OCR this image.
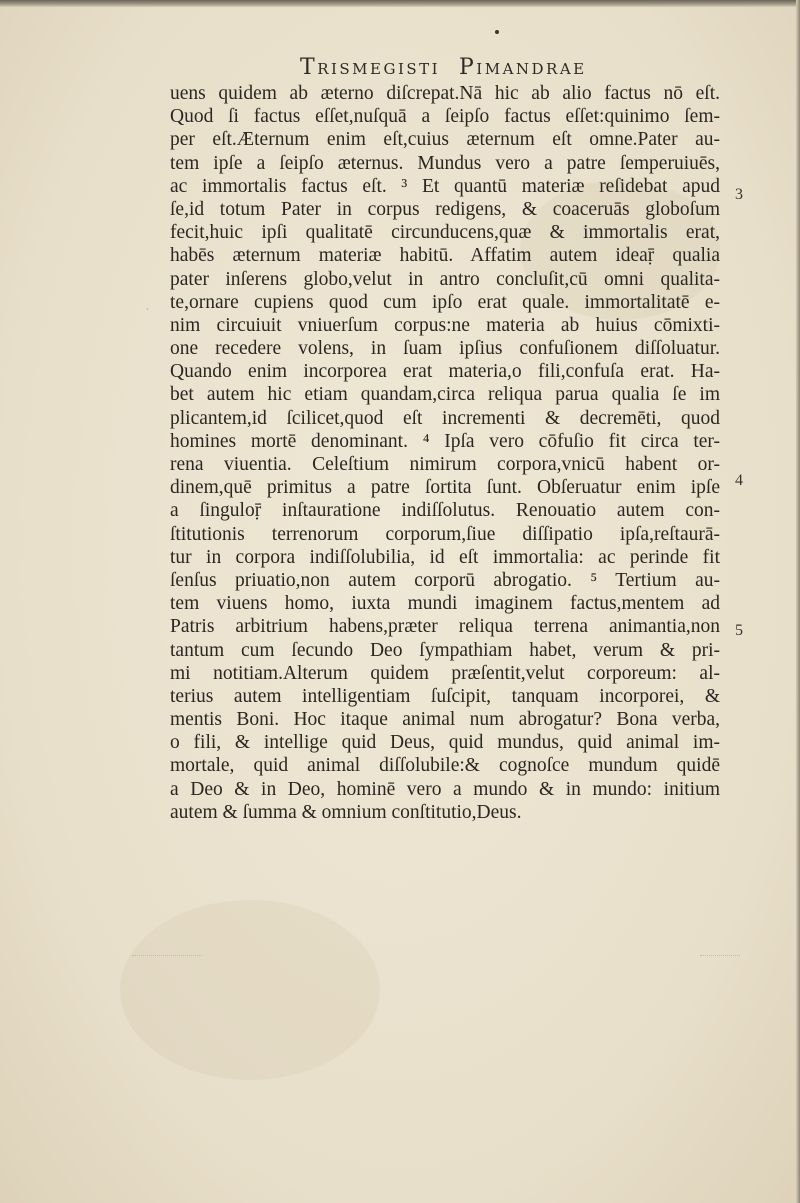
TRISMEGISTI PIMANDRAE
uens quidem ab æterno diſcrepat.Nā hic ab alio factus nō eſt.
Quod ſi factus eſſet,nuſquā a ſeipſo factus eſſet:quinimo ſem-
per eſt.Æternum enim eſt,cuius æternum eſt omne.Pater au-
tem ipſe a ſeipſo æternus. Mundus vero a patre ſemperuiuēs,
ac immortalis factus eſt. ³ Et quantū materiæ reſidebat apud
ſe,id totum Pater in corpus redigens, & coaceruās globoſum
fecit,huic ipſi qualitatē circunducens,quæ & immortalis erat,
habēs æternum materiæ habitū. Affatim autem ideaṝ qualia
pater inſerens globo,velut in antro concluſit,cū omni qualita-
te,ornare cupiens quod cum ipſo erat quale. immortalitatē e-
nim circuiuit vniuerſum corpus:ne materia ab huius cōmixti-
one recedere volens, in ſuam ipſius confuſionem diſſoluatur.
Quando enim incorporea erat materia,o fili,confuſa erat. Ha-
bet autem hic etiam quandam,circa reliqua parua qualia ſe im
plicantem,id ſcilicet,quod eſt incrementi & decremēti, quod
homines mortē denominant. ⁴ Ipſa vero cōfuſio fit circa ter-
rena viuentia. Celeſtium nimirum corpora,vnicū habent or-
dinem,quē primitus a patre ſortita ſunt. Obſeruatur enim ipſe
a ſinguloṝ inſtauratione indiſſolutus. Renouatio autem con-
ſtitutionis terrenorum corporum,ſiue diſſipatio ipſa,reſtaurā-
tur in corpora indiſſolubilia, id eſt immortalia: ac perinde fit
ſenſus priuatio,non autem corporū abrogatio. ⁵ Tertium au-
tem viuens homo, iuxta mundi imaginem factus,mentem ad
Patris arbitrium habens,præter reliqua terrena animantia,non
tantum cum ſecundo Deo ſympathiam habet, verum & pri-
mi notitiam.Alterum quidem præſentit,velut corporeum: al-
terius autem intelligentiam ſuſcipit, tanquam incorporei, &
mentis Boni. Hoc itaque animal num abrogatur? Bona verba,
o fili, & intellige quid Deus, quid mundus, quid animal im-
mortale, quid animal diſſolubile:& cognoſce mundum quidē
a Deo & in Deo, hominē vero a mundo & in mundo: initium
autem & ſumma & omnium conſtitutio,Deus.
3
4
5
·
